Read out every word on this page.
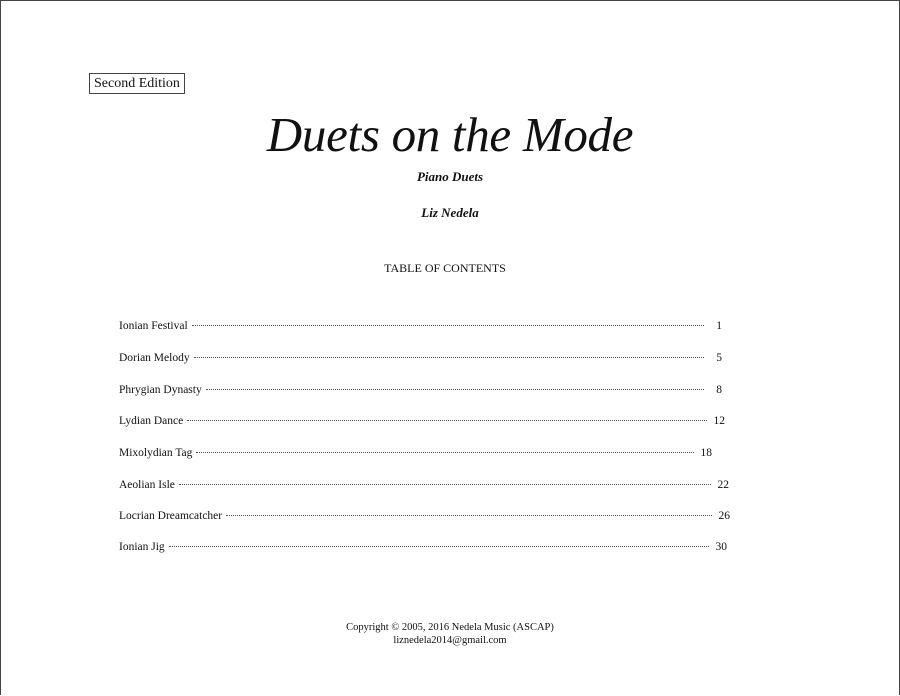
Second Edition
Duets on the Mode
Piano Duets
Liz Nedela
TABLE OF CONTENTS
Ionian Festival	1
Dorian Melody	5
Phrygian Dynasty	8
Lydian Dance	12
Mixolydian Tag	18
Aeolian Isle	22
Locrian Dreamcatcher	26
Ionian Jig	30
Copyright © 2005, 2016 Nedela Music (ASCAP)
liznedela2014@gmail.com
